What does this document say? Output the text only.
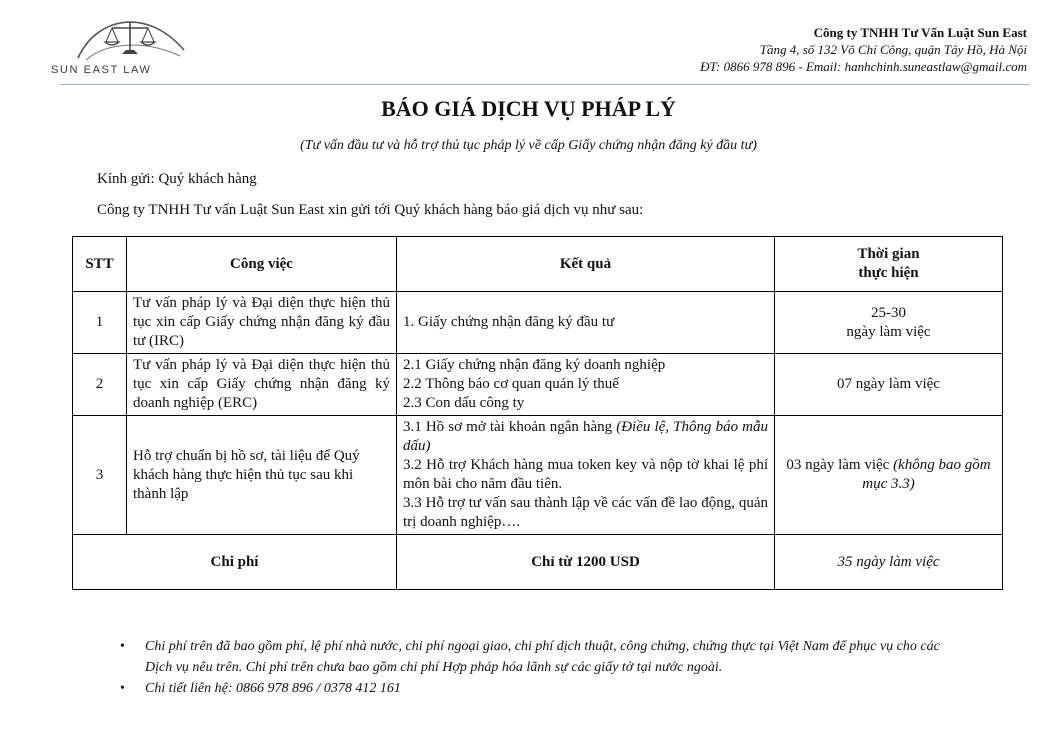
SUN EAST LAW
Công ty TNHH Tư Vấn Luật Sun East
Tầng 4, số 132 Võ Chí Công, quận Tây Hồ, Hà Nội
ĐT: 0866 978 896 - Email: hanhchinh.suneastlaw@gmail.com
BÁO GIÁ DỊCH VỤ PHÁP LÝ
(Tư vấn đầu tư và hỗ trợ thủ tục pháp lý về cấp Giấy chứng nhận đăng ký đầu tư)
Kính gửi: Quý khách hàng
Công ty TNHH Tư vấn Luật Sun East xin gửi tới Quý khách hàng báo giá dịch vụ như sau:
STT	Công việc	Kết quả	Thời gian
thực hiện

1	Tư vấn pháp lý và Đại diện thực hiện thủ tục xin cấp Giấy chứng nhận đăng ký đầu tư (IRC)	1. Giấy chứng nhận đăng ký đầu tư	25-30
ngày làm việc

2	Tư vấn pháp lý và Đại diện thực hiện thủ tục xin cấp Giấy chứng nhận đăng ký doanh nghiệp (ERC)	2.1 Giấy chứng nhận đăng ký doanh nghiệp
2.2 Thông báo cơ quan quản lý thuế
2.3 Con dấu công ty	07 ngày làm việc
3	Hỗ trợ chuẩn bị hồ sơ, tài liệu để Quý khách hàng thực hiện thủ tục sau khi thành lập	3.1 Hồ sơ mở tài khoản ngân hàng (Điều lệ, Thông báo mẫu dấu)
3.2 Hỗ trợ Khách hàng mua token key và nộp tờ khai lệ phí môn bài cho năm đầu tiên.
3.3 Hỗ trợ tư vấn sau thành lập về các vấn đề lao động, quản trị doanh nghiệp….	03 ngày làm việc (không bao gồm mục 3.3)
Chi phí		Chỉ từ 1200 USD	35 ngày làm việc
• Chi phí trên đã bao gồm phí, lệ phí nhà nước, chi phí ngoại giao, chi phí dịch thuật, công chứng, chứng thực tại Việt Nam để phục vụ cho các Dịch vụ nêu trên. Chi phí trên chưa bao gồm chi phí Hợp pháp hóa lãnh sự các giấy tờ tại nước ngoài.
• Chi tiết liên hệ: 0866 978 896 / 0378 412 161
